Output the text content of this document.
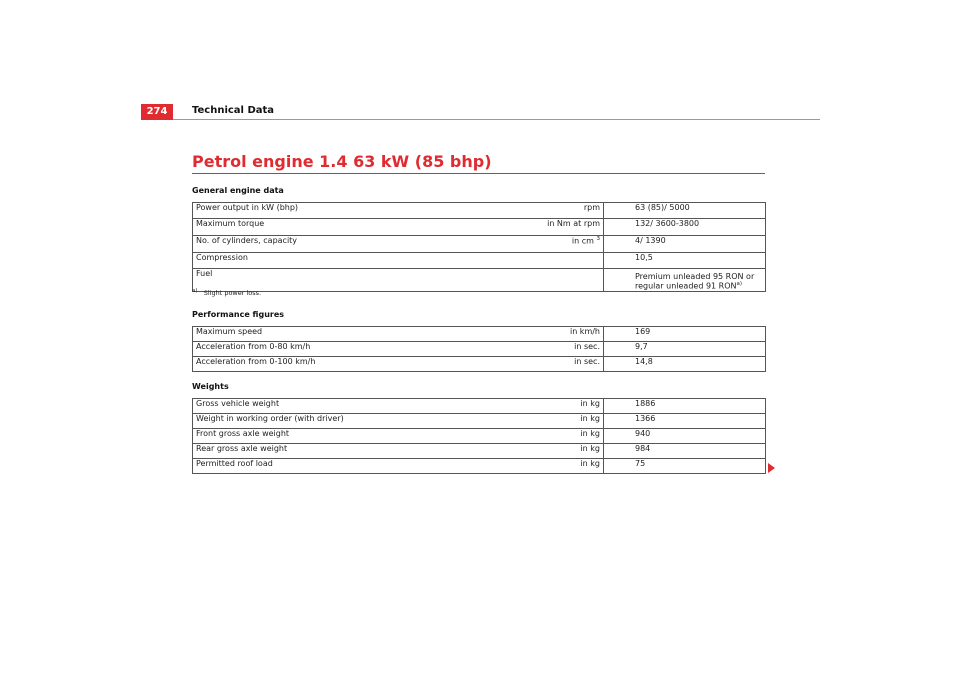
274	Technical Data
Petrol engine 1.4 63 kW (85 bhp)
General engine data
Power output in kW (bhp)	rpm	63 (85)/ 5000
Maximum torque	in Nm at rpm	132/ 3600-3800
No. of cylinders, capacity	in cm $^3$	4/ 1390
Compression		10,5
Fuel		Premium unleaded 95 RON or regular unleaded 91 RON$^{a)}$
$^{a)}$ Slight power loss.
Performance figures
Maximum speed	in km/h	169
Acceleration from 0-80 km/h	in sec.	9,7
Acceleration from 0-100 km/h	in sec.	14,8
Weights
Gross vehicle weight	in kg	1886
Weight in working order (with driver)	in kg	1366
Front gross axle weight	in kg	940
Rear gross axle weight	in kg	984
Permitted roof load	in kg	75
